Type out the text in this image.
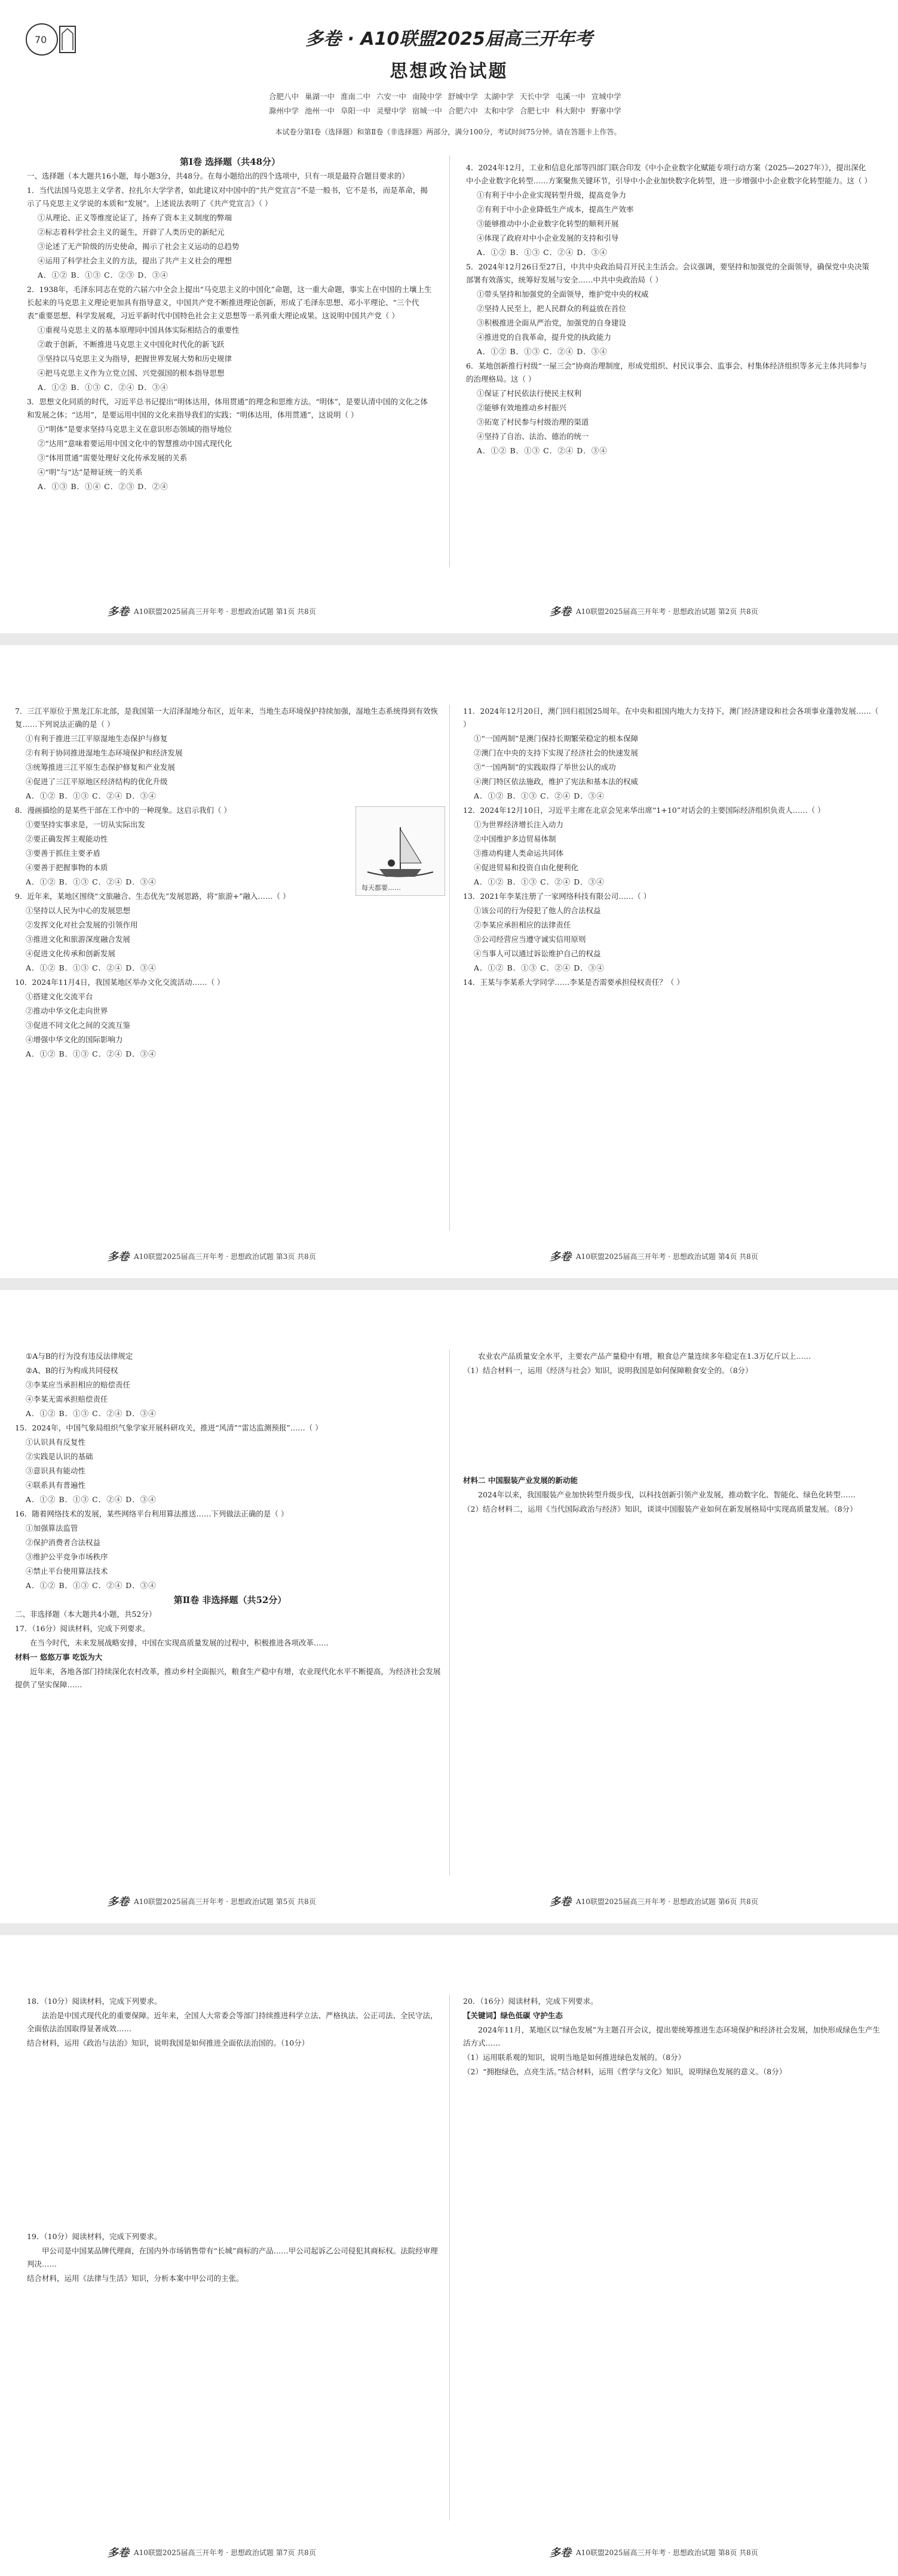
70	多卷 · A10联盟2025届高三开年考
思想政治试题
合肥八中 巢湖一中 淮南二中 六安一中 南陵中学 舒城中学 太湖中学 天长中学 屯溪一中 宣城中学
滁州中学 池州一中 阜阳一中 灵璧中学 宿城一中 合肥六中 太和中学 合肥七中 科大附中 野寨中学
本试卷分第Ⅰ卷（选择题）和第Ⅱ卷（非选择题）两部分，满分100分，考试时间75分钟。请在答题卡上作答。

第Ⅰ卷 选择题（共48分）

一、选择题（本大题共16小题，每小题3分，共48分。在每小题给出的四个选项中，只有一项是最符合题目要求的）

1．当代法国马克思主义学者、拉扎尔大学学者，如此建议对中国中的“共产党宣言”不是一般书，它不是书，而是革命，揭示了马克思主义学说的本质和“发展”。上述说法表明了《共产党宣言》（ ）

①从理论、正义等维度论证了，扬弃了资本主义制度的弊端

②标志着科学社会主义的诞生，开辟了人类历史的新纪元

③论述了无产阶级的历史使命，揭示了社会主义运动的总趋势

④运用了科学社会主义的方法，提出了共产主义社会的理想

A．①② B．①③ C．②③ D．③④

2．1938年，毛泽东同志在党的六届六中全会上提出“马克思主义的中国化”命题，这一重大命题，事实上在中国的土壤上生长起来的马克思主义理论更加具有指导意义，中国共产党不断推进理论创新，形成了毛泽东思想、邓小平理论、“三个代表”重要思想、科学发展观，习近平新时代中国特色社会主义思想等一系列重大理论成果。这说明中国共产党（ ）

①重视马克思主义的基本原理同中国具体实际相结合的重要性

②敢于创新，不断推进马克思主义中国化时代化的新飞跃

③坚持以马克思主义为指导，把握世界发展大势和历史规律

④把马克思主义作为立党立国、兴党强国的根本指导思想

A．①② B．①③ C．②④ D．③④

3．思想文化同质的时代，习近平总书记提出“明体达用，体用贯通”的理念和思维方法。“明体”，是要认清中国的文化之体和发展之体；“达用”，是要运用中国的文化来指导我们的实践；“明体达用，体用贯通”，这说明（ ）

①“明体”是要求坚持马克思主义在意识形态领域的指导地位

②“达用”意味着要运用中国文化中的智慧推动中国式现代化

③“体用贯通”需要处理好文化传承发展的关系

④“明”与“达”是辩证统一的关系

A．①③ B．①④ C．②③ D．②④

4．2024年12月，工业和信息化部等四部门联合印发《中小企业数字化赋能专项行动方案（2025—2027年）》，提出深化中小企业数字化转型……方案聚焦关键环节，引导中小企业加快数字化转型，进一步增强中小企业数字化转型能力。这（ ）

①有利于中小企业实现转型升级，提高竞争力

②有利于中小企业降低生产成本，提高生产效率

③能够推动中小企业数字化转型的顺利开展

④体现了政府对中小企业发展的支持和引导

A．①② B．①③ C．②④ D．③④

5．2024年12月26日至27日，中共中央政治局召开民主生活会。会议强调，要坚持和加强党的全面领导，确保党中央决策部署有效落实，统筹好发展与安全……中共中央政治局（ ）

①带头坚持和加强党的全面领导，维护党中央的权威

②坚持人民至上，把人民群众的利益放在首位

③积极推进全面从严治党，加强党的自身建设

④推进党的自我革命，提升党的执政能力

A．①② B．①③ C．②④ D．③④

6．某地创新推行村级“一屋三会”协商治理制度，形成党组织、村民议事会、监事会、村集体经济组织等多元主体共同参与的治理格局。这（ ）

①保证了村民依法行使民主权利

②能够有效地推动乡村振兴

③拓宽了村民参与村级治理的渠道

④坚持了自治、法治、德治的统一

A．①② B．①③ C．②④ D．③④

多卷 A10联盟2025届高三开年考 · 思想政治试题 第1页 共8页	多卷 A10联盟2025届高三开年考 · 思想政治试题 第2页 共8页

7．三江平原位于黑龙江东北部，是我国第一大沼泽湿地分布区，近年来，当地生态环境保护持续加强，湿地生态系统得到有效恢复……下列说法正确的是（ ）

①有利于推进三江平原湿地生态保护与修复

②有利于协同推进湿地生态环境保护和经济发展

③统筹推进三江平原生态保护修复和产业发展

④促进了三江平原地区经济结构的优化升级

A．①② B．①③ C．②④ D．③④

每天都要……

8．漫画描绘的是某些干部在工作中的一种现象。这启示我们（ ）

①要坚持实事求是，一切从实际出发

②要正确发挥主观能动性

③要善于抓住主要矛盾

④要善于把握事物的本质

A．①② B．①③ C．②④ D．③④

9．近年来，某地区围绕“文旅融合、生态优先”发展思路，将“旅游+”融入……（ ）

①坚持以人民为中心的发展思想

②发挥文化对社会发展的引领作用

③推进文化和旅游深度融合发展

④促进文化传承和创新发展

A．①② B．①③ C．②④ D．③④

10．2024年11月4日，我国某地区举办文化交流活动……（ ）

①搭建文化交流平台

②推动中华文化走向世界

③促进不同文化之间的交流互鉴

④增强中华文化的国际影响力

A．①② B．①③ C．②④ D．③④

11．2024年12月20日，澳门回归祖国25周年。在中央和祖国内地大力支持下，澳门经济建设和社会各项事业蓬勃发展……（ ）

①“一国两制”是澳门保持长期繁荣稳定的根本保障

②澳门在中央的支持下实现了经济社会的快速发展

③“一国两制”的实践取得了举世公认的成功

④澳门特区依法施政，维护了宪法和基本法的权威

A．①② B．①③ C．②④ D．③④

12．2024年12月10日，习近平主席在北京会见来华出席“1+10”对话会的主要国际经济组织负责人……（ ）

①为世界经济增长注入动力

②中国维护多边贸易体制

③推动构建人类命运共同体

④促进贸易和投资自由化便利化

A．①② B．①③ C．②④ D．③④

13．2021年李某注册了一家网络科技有限公司……（ ）

①该公司的行为侵犯了他人的合法权益

②李某应承担相应的法律责任

③公司经营应当遵守诚实信用原则

④当事人可以通过诉讼维护自己的权益

A．①② B．①③ C．②④ D．③④

14．王某与李某系大学同学……李某是否需要承担侵权责任？（ ）

多卷 A10联盟2025届高三开年考 · 思想政治试题 第3页 共8页	多卷 A10联盟2025届高三开年考 · 思想政治试题 第4页 共8页

①A与B的行为没有违反法律规定

②A、B的行为构成共同侵权

③李某应当承担相应的赔偿责任

④李某无需承担赔偿责任

A．①② B．①③ C．②④ D．③④

15．2024年，中国气象局组织气象学家开展科研攻关，推进“风清”“雷达监测预报”……（ ）

①认识具有反复性

②实践是认识的基础

③意识具有能动性

④联系具有普遍性

A．①② B．①③ C．②④ D．③④

16．随着网络技术的发展，某些网络平台利用算法推送……下列做法正确的是（ ）

①加强算法监管

②保护消费者合法权益

③维护公平竞争市场秩序

④禁止平台使用算法技术

A．①② B．①③ C．②④ D．③④

第Ⅱ卷 非选择题（共52分）

二、非选择题（本大题共4小题，共52分）

17．（16分）阅读材料，完成下列要求。

在当今时代，未来发展战略安排，中国在实现高质量发展的过程中，积极推进各项改革……

材料一 悠悠万事 吃饭为大

近年来，各地各部门持续深化农村改革，推动乡村全面振兴，粮食生产稳中有增，农业现代化水平不断提高，为经济社会发展提供了坚实保障……

农业农产品质量安全水平，主要农产品产量稳中有增，粮食总产量连续多年稳定在1.3万亿斤以上……

（1）结合材料一，运用《经济与社会》知识，说明我国是如何保障粮食安全的。（8分）

材料二 中国服装产业发展的新动能

2024年以来，我国服装产业加快转型升级步伐，以科技创新引领产业发展，推动数字化、智能化、绿色化转型……

（2）结合材料二，运用《当代国际政治与经济》知识，谈谈中国服装产业如何在新发展格局中实现高质量发展。（8分）

多卷 A10联盟2025届高三开年考 · 思想政治试题 第5页 共8页	多卷 A10联盟2025届高三开年考 · 思想政治试题 第6页 共8页

18．（10分）阅读材料，完成下列要求。

法治是中国式现代化的重要保障。近年来，全国人大常委会等部门持续推进科学立法、严格执法、公正司法、全民守法，全面依法治国取得显著成效……

结合材料，运用《政治与法治》知识，说明我国是如何推进全面依法治国的。（10分）

19．（10分）阅读材料，完成下列要求。

甲公司是中国某品牌代理商，在国内外市场销售带有“长城”商标的产品……甲公司起诉乙公司侵犯其商标权。法院经审理判决……

结合材料，运用《法律与生活》知识，分析本案中甲公司的主张。

20．（16分）阅读材料，完成下列要求。

【关键词】绿色低碳 守护生态

2024年11月，某地区以“绿色发展”为主题召开会议，提出要统筹推进生态环境保护和经济社会发展，加快形成绿色生产生活方式……

（1）运用联系观的知识，说明当地是如何推进绿色发展的。（8分）

（2）“拥抱绿色，点亮生活。”结合材料，运用《哲学与文化》知识，说明绿色发展的意义。（8分）

多卷 A10联盟2025届高三开年考 · 思想政治试题 第7页 共8页	多卷 A10联盟2025届高三开年考 · 思想政治试题 第8页 共8页
